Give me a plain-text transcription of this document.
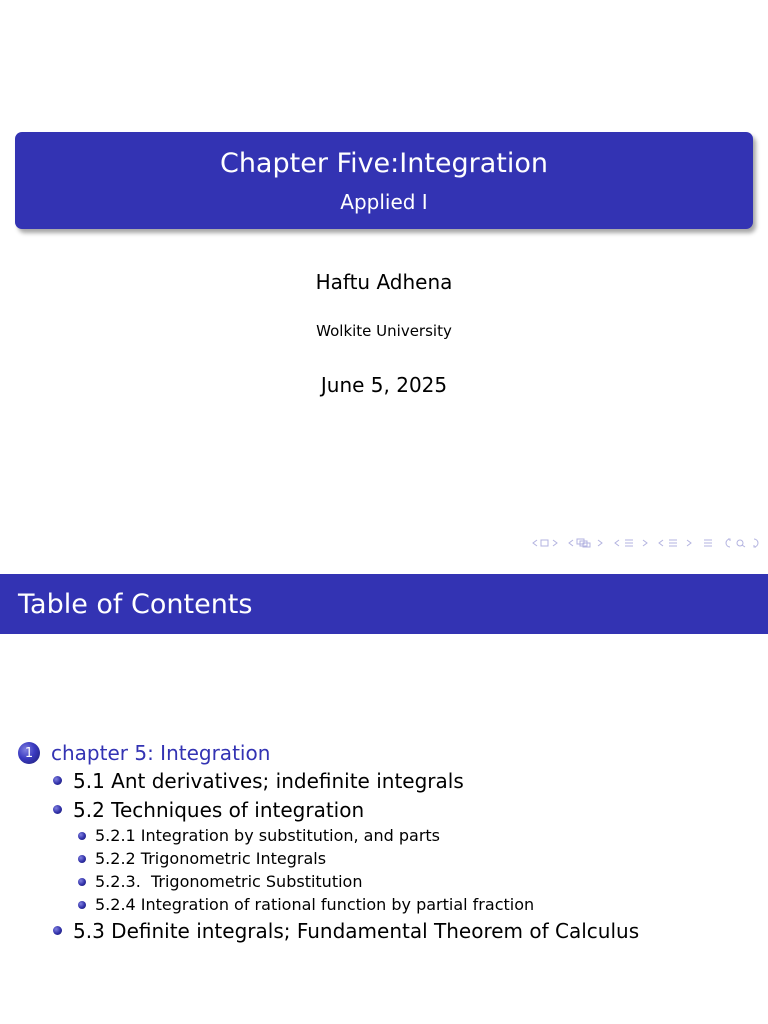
Chapter Five:Integration
Applied I
Haftu Adhena
Wolkite University
June 5, 2025
Table of Contents
1 chapter 5: Integration
5.1 Ant derivatives; indefinite integrals
5.2 Techniques of integration
5.2.1 Integration by substitution, and parts
5.2.2 Trigonometric Integrals
5.2.3.  Trigonometric Substitution
5.2.4 Integration of rational function by partial fraction
5.3 Definite integrals; Fundamental Theorem of Calculus
